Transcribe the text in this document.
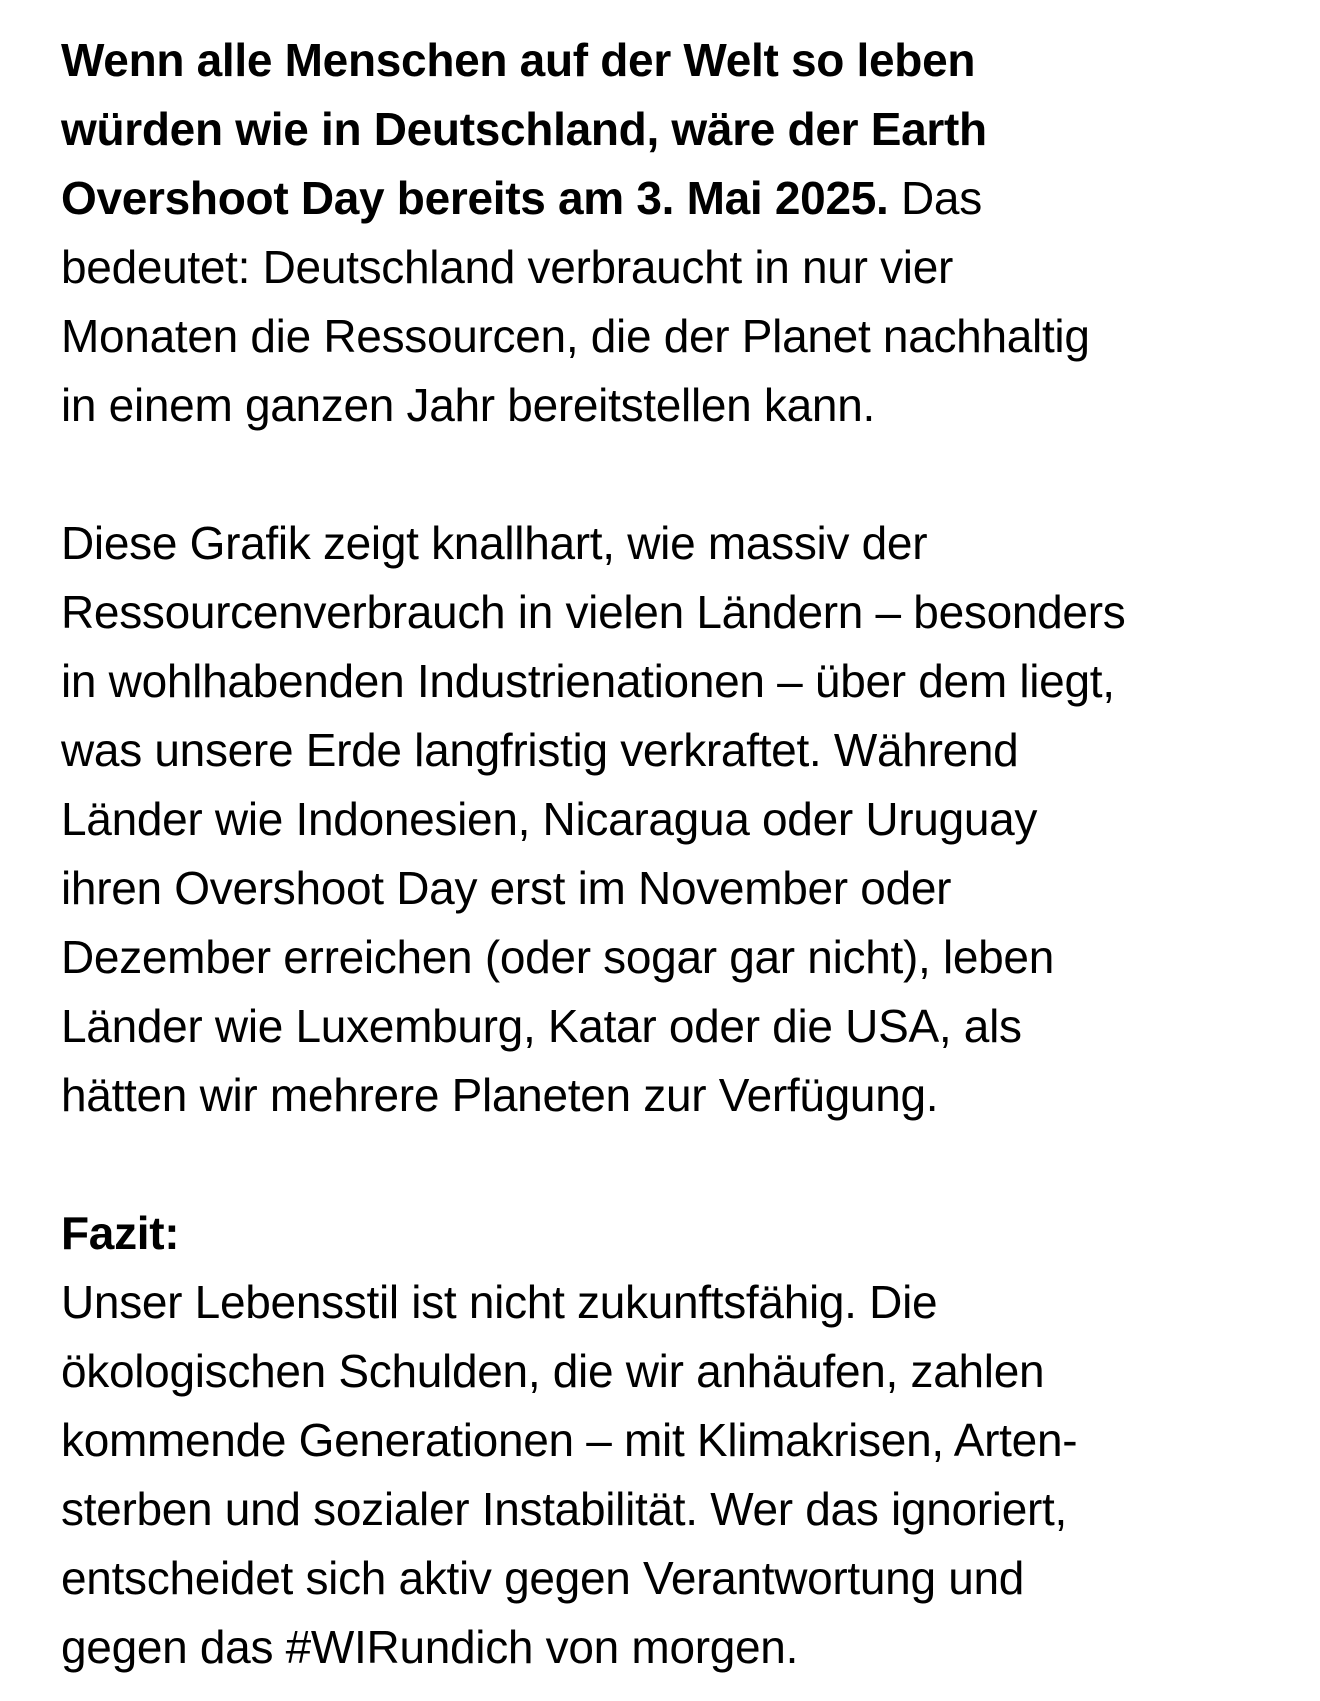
Wenn alle Menschen auf der Welt so leben
würden wie in Deutschland, wäre der Earth
Overshoot Day bereits am 3. Mai 2025. Das
bedeutet: Deutschland verbraucht in nur vier
Monaten die Ressourcen, die der Planet nachhaltig
in einem ganzen Jahr bereitstellen kann.

Diese Grafik zeigt knallhart, wie massiv der
Ressourcenverbrauch in vielen Ländern – besonders
in wohlhabenden Industrienationen – über dem liegt,
was unsere Erde langfristig verkraftet. Während
Länder wie Indonesien, Nicaragua oder Uruguay
ihren Overshoot Day erst im November oder
Dezember erreichen (oder sogar gar nicht), leben
Länder wie Luxemburg, Katar oder die USA, als
hätten wir mehrere Planeten zur Verfügung.

Fazit:
Unser Lebensstil ist nicht zukunftsfähig. Die
ökologischen Schulden, die wir anhäufen, zahlen
kommende Generationen – mit Klimakrisen, Arten-
sterben und sozialer Instabilität. Wer das ignoriert,
entscheidet sich aktiv gegen Verantwortung und
gegen das #WIRundich von morgen.
